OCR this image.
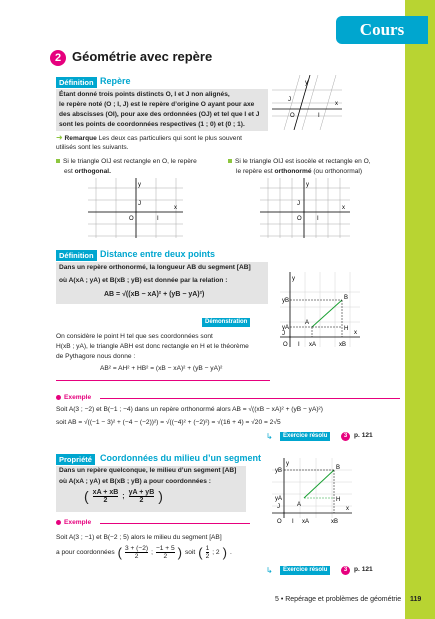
Cours
2 Géométrie avec repère
Définition Repère
Étant donné trois points distincts O, I et J non alignés,
le repère noté (O ; I, J) est le repère d’origine O ayant pour axe
des abscisses (OI), pour axe des ordonnées (OJ) et tel que I et J
sont les points de coordonnées respectives (1 ; 0) et (0 ; 1).
y
x
O	I
J
➜ Remarque Les deux cas particuliers qui sont le plus souvent
utilisés sont les suivants.
Si le triangle OIJ est rectangle en O, le repère
est orthogonal.
Si le triangle OIJ est isocèle et rectangle en O,
le repère est orthonormé (ou orthonormal)
y
x
O	I
J
y
x
O	I
J
Définition Distance entre deux points
Dans un repère orthonormé, la longueur AB du segment [AB]
où A(xA ; yA) et B(xB ; yB) est donnée par la relation :
AB = √((xB − xA)² + (yB − yA)²)
y
yB
yA
J
B
A
H
O I xA	xB
x
Démonstration
On considère le point H tel que ses coordonnées sont
H(xB ; yA), le triangle ABH est donc rectangle en H et le théorème
de Pythagore nous donne :
AB² = AH² + HB² = (xB − xA)² + (yB − yA)²
Exemple
Soit A(3 ; −2) et B(−1 ; −4) dans un repère orthonormé alors AB = √((xB − xA)² + (yB − yA)²)
soit AB = √((−1 − 3)² + (−4 − (−2))²) = √((−4)² + (−2)²) = √(16 + 4) = √20 = 2√5
↳	Exercice résolu	3	p. 121
Propriété Coordonnées du milieu d’un segment
Dans un repère quelconque, le milieu d’un segment [AB]
où A(xA ; yA) et B(xB ; yB) a pour coordonnées :
( xA + xB
2
;
yA + yB
2	)
y
yB
yA
J
B
A
H
O I xA	xB
x
Exemple
Soit A(3 ; −1) et B(−2 ; 5) alors le milieu du segment [AB]
a pour coordonnées ( 3 + (−2)
2
;
−1 + 5
2 ) soit ( 1
2
; 2 ) .
↳	Exercice résolu	3	p. 121
5 • Repérage et problèmes de géométrie 119
